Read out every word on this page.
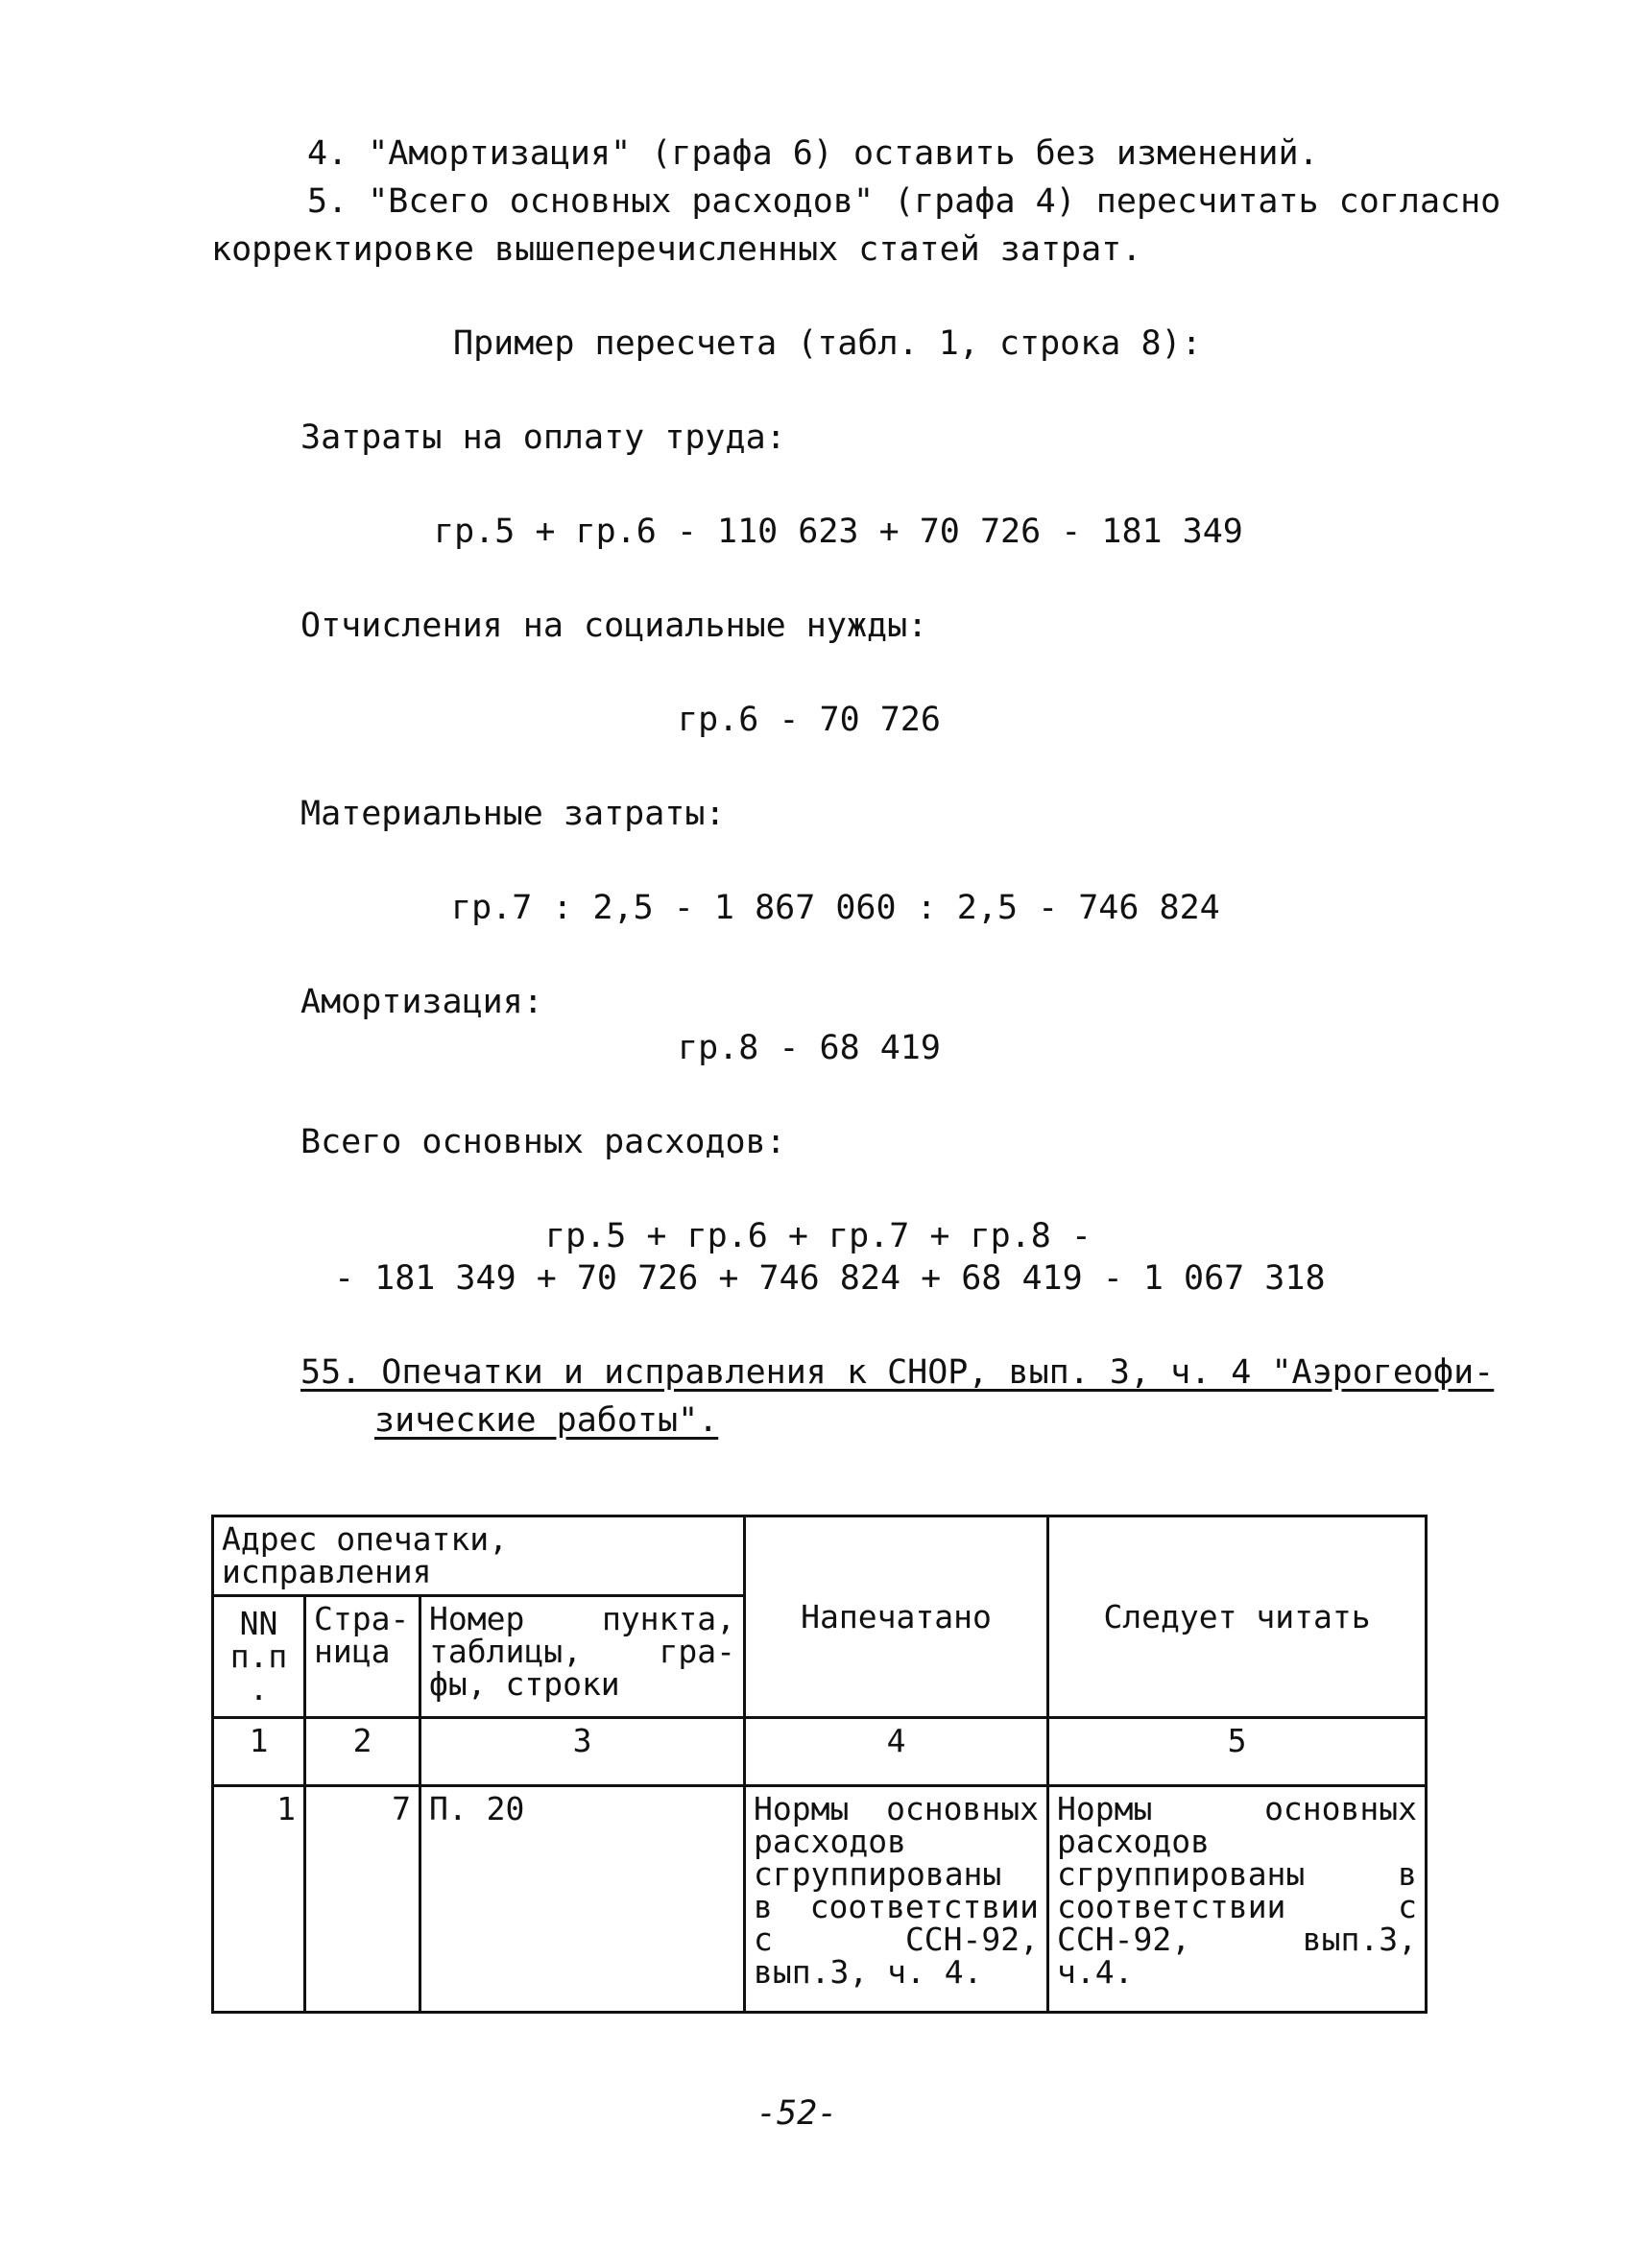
4. "Амортизация" (графа 6) оставить без изменений.
5. "Всего основных расходов" (графа 4) пересчитать согласно
корректировке вышеперечисленных статей затрат.
Пример пересчета (табл. 1, строка 8):
Затраты на оплату труда:
гр.5 + гр.6 - 110 623 + 70 726 - 181 349
Отчисления на социальные нужды:
гр.6 - 70 726
Материальные затраты:
гр.7 : 2,5 - 1 867 060 : 2,5 - 746 824
Амортизация:
гр.8 - 68 419
Всего основных расходов:
гр.5 + гр.6 + гр.7 + гр.8 -
- 181 349 + 70 726 + 746 824 + 68 419 - 1 067 318
55. Опечатки и исправления к СНОР, вып. 3, ч. 4 "Аэрогеофи-
зические работы".
Адрес опечатки, исправления			Напечатано	Следует читать
NN п.п.	Стра- ница	Номер пункта, таблицы, гра- фы, строки		
1	2	3	4	5
1	7	П. 20	Нормы основных расходов сгруппированы в соответствии с ССН-92, вып.3, ч. 4.	Нормы основных расходов сгруппированы в соответствии с ССН-92, вып.3, ч.4.
-52-
